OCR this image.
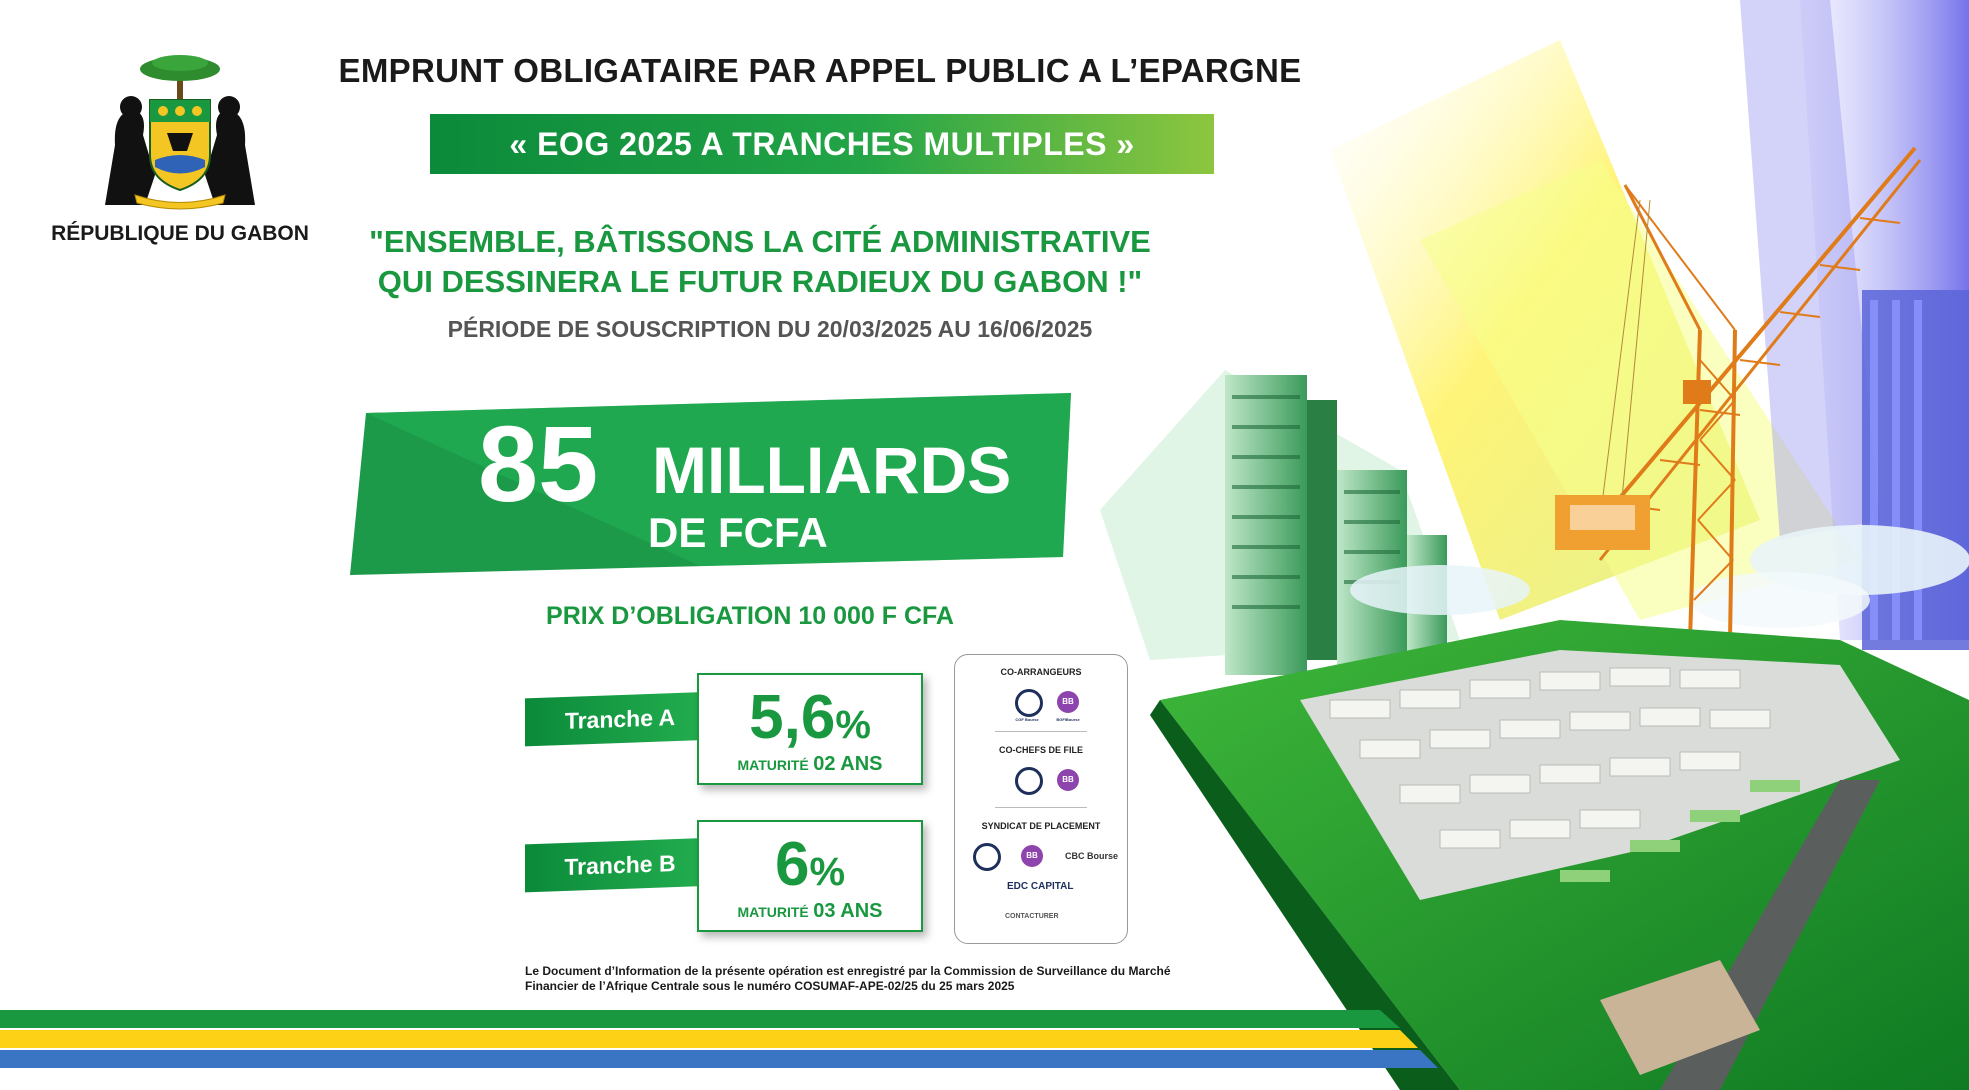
RÉPUBLIQUE DU GABON
EMPRUNT OBLIGATAIRE PAR APPEL PUBLIC A L’EPARGNE
« EOG 2025 A TRANCHES MULTIPLES »
"ENSEMBLE, BÂTISSONS LA CITÉ ADMINISTRATIVE
QUI DESSINERA LE FUTUR RADIEUX DU GABON !"
PÉRIODE DE SOUSCRIPTION DU 20/03/2025 AU 16/06/2025
85 MILLIARDS
DE FCFA
PRIX D’OBLIGATION 10 000 F CFA
Tranche A	5,6%
MATURITÉ 02 ANS
Tranche B	6%
MATURITÉ 03 ANS
CO-ARRANGEURS
CGF Bourse
BB
BGFIBourse
CO-CHEFS DE FILE
BB
SYNDICAT DE PLACEMENT
BB	CBC Bourse
EDC CAPITAL
CONTACTURER
Le Document d’Information de la présente opération est enregistré par la Commission de Surveillance du Marché
Financier de l’Afrique Centrale sous le numéro COSUMAF-APE-02/25 du 25 mars 2025
